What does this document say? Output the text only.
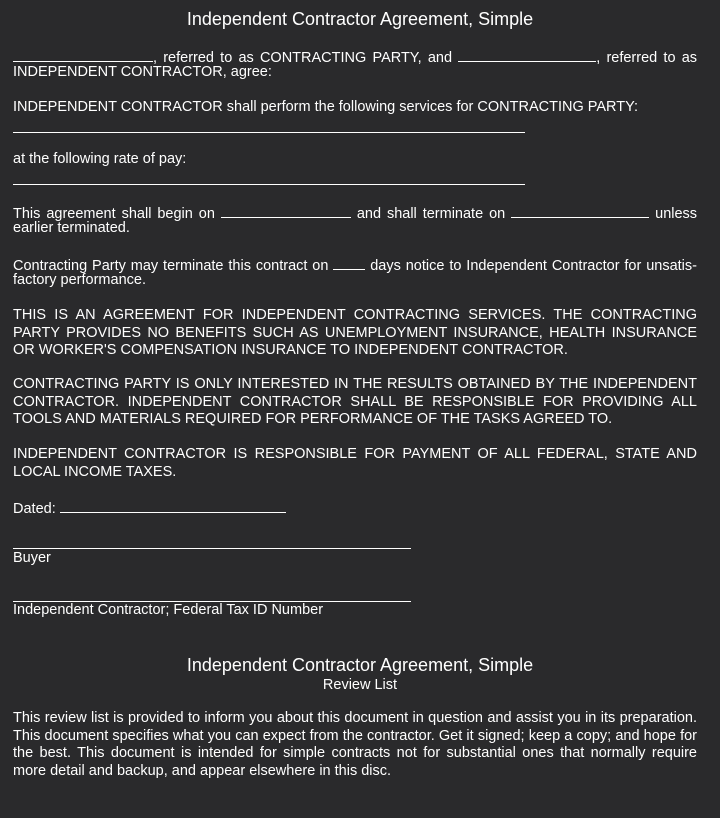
Independent Contractor Agreement, Simple
, referred to as CONTRACTING PARTY, and	, referred to as
INDEPENDENT CONTRACTOR, agree:
INDEPENDENT CONTRACTOR shall perform the following services for CONTRACTING PARTY:
at the following rate of pay:
This agreement shall begin on	and shall terminate on	unless
earlier terminated.
Contracting Party may terminate this contract on	days notice to Independent Contractor for unsatis-
factory performance.
THIS IS AN AGREEMENT FOR INDEPENDENT CONTRACTING SERVICES. THE CONTRACTING PARTY PROVIDES NO BENEFITS SUCH AS UNEMPLOYMENT INSURANCE, HEALTH INSURANCE OR WORKER'S COMPENSATION INSURANCE TO INDEPENDENT CONTRACTOR.
CONTRACTING PARTY IS ONLY INTERESTED IN THE RESULTS OBTAINED BY THE INDEPENDENT CONTRACTOR. INDEPENDENT CONTRACTOR SHALL BE RESPONSIBLE FOR PROVIDING ALL TOOLS AND MATERIALS REQUIRED FOR PERFORMANCE OF THE TASKS AGREED TO.
INDEPENDENT CONTRACTOR IS RESPONSIBLE FOR PAYMENT OF ALL FEDERAL, STATE AND LOCAL INCOME TAXES.
Dated:
Buyer
Independent Contractor; Federal Tax ID Number
Independent Contractor Agreement, Simple
Review List
This review list is provided to inform you about this document in question and assist you in its preparation. This document specifies what you can expect from the contractor. Get it signed; keep a copy; and hope for the best. This document is intended for simple contracts not for substantial ones that normally require more detail and backup, and appear elsewhere in this disc.
